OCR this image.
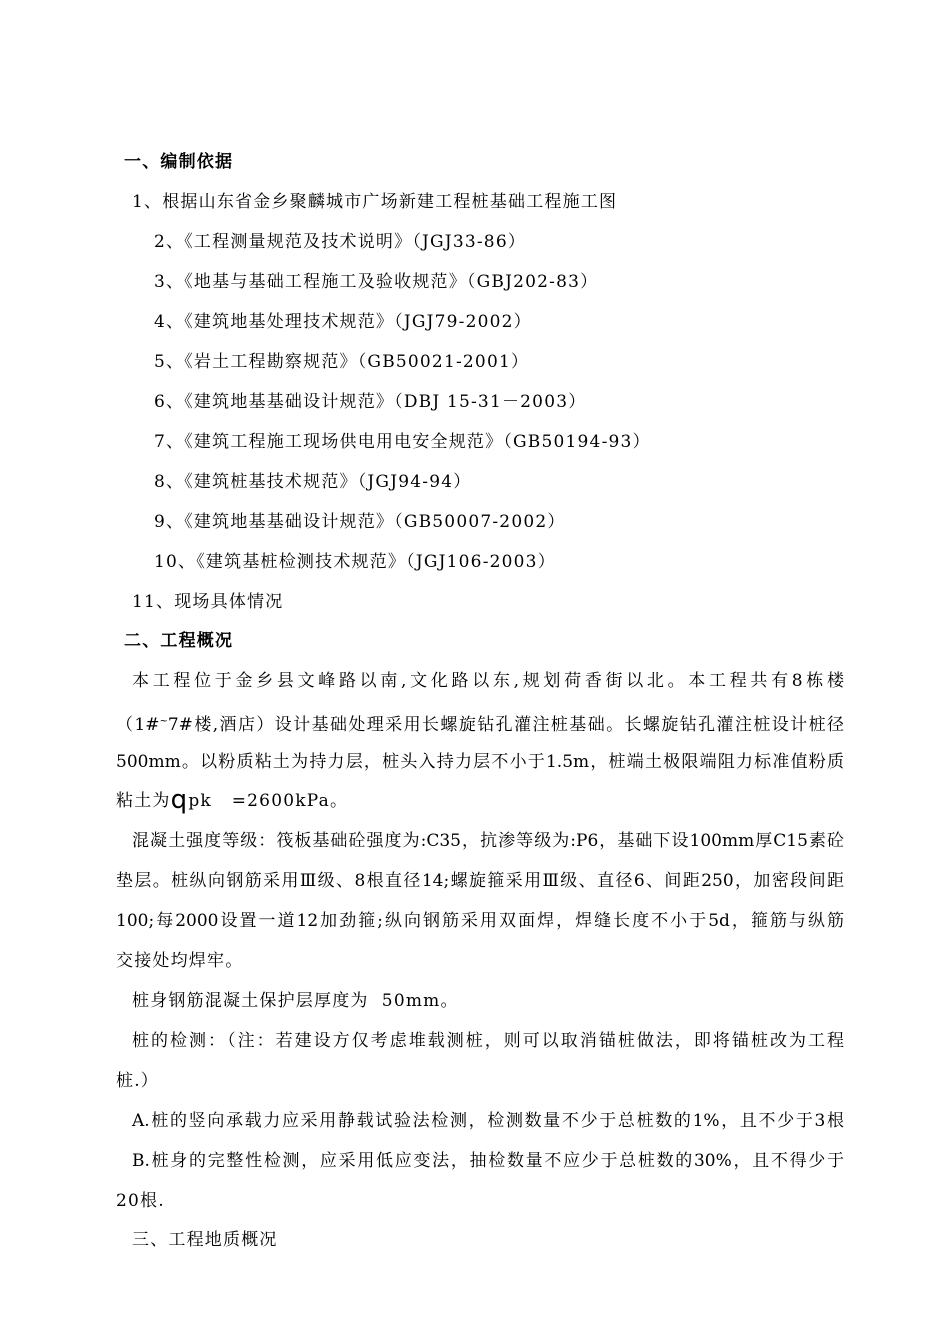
一、编制依据
1、根据山东省金乡聚麟城市广场新建工程桩基础工程施工图
2、《工程测量规范及技术说明》（JGJ33-86）
3、《地基与基础工程施工及验收规范》（GBJ202-83）
4、《建筑地基处理技术规范》（JGJ79-2002）
5、《岩土工程勘察规范》（GB50021-2001）
6、《建筑地基基础设计规范》（DBJ 15-31－2003）
7、《建筑工程施工现场供电用电安全规范》（GB50194-93）
8、《建筑桩基技术规范》（JGJ94-94）
9、《建筑地基基础设计规范》（GB50007-2002）
10、《建筑基桩检测技术规范》（JGJ106-2003）
11、现场具体情况
二、工程概况
本工程位于金乡县文峰路以南,文化路以东,规划荷香街以北。本工程共有8栋楼
（1#~7#楼,酒店）设计基础处理采用长螺旋钻孔灌注桩基础。长螺旋钻孔灌注桩设计桩径
500mm。以粉质粘土为持力层，桩头入持力层不小于1.5m，桩端土极限端阻力标准值粉质
粘土为qpk   =2600kPa。
混凝土强度等级：筏板基础砼强度为:C35，抗渗等级为:P6，基础下设100mm厚C15素砼
垫层。桩纵向钢筋采用Ⅲ级、8根直径14;螺旋箍采用Ⅲ级、直径6、间距250，加密段间距
100;每2000设置一道12加劲箍;纵向钢筋采用双面焊，焊缝长度不小于5d，箍筋与纵筋
交接处均焊牢。
桩身钢筋混凝土保护层厚度为  50mm。
桩的检测：（注：若建设方仅考虑堆载测桩，则可以取消锚桩做法，即将锚桩改为工程
桩.）
A.桩的竖向承载力应采用静载试验法检测，检测数量不少于总桩数的1%，且不少于3根
B.桩身的完整性检测，应采用低应变法，抽检数量不应少于总桩数的30%，且不得少于
20根.
三、工程地质概况
